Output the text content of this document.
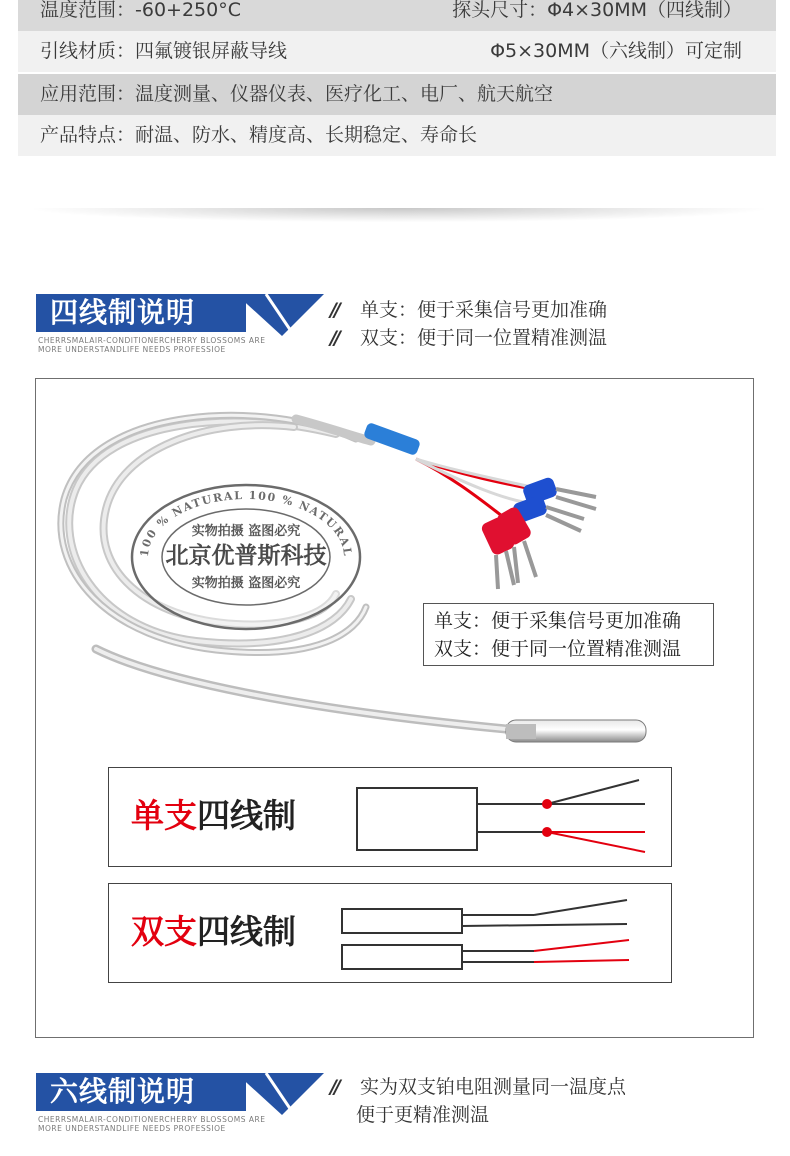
温度范围：-60+250°C	探头尺寸：Φ4×30MM（四线制）
引线材质：四氟镀银屏蔽导线	Φ5×30MM（六线制）可定制
应用范围：温度测量、仪器仪表、医疗化工、电厂、航天航空
产品特点：耐温、防水、精度高、长期稳定、寿命长
四线制说明
CHERRSMALAIR-CONDITIONERCHERRY BLOSSOMS ARE
MORE UNDERSTANDLIFE NEEDS PROFESSIOE
// 单支：便于采集信号更加准确
// 双支：便于同一位置精准测温
100 % NATURAL 100 % NATURAL
实物拍摄 盗图必究
北京优普斯科技
实物拍摄 盗图必究
单支：便于采集信号更加准确
双支：便于同一位置精准测温
单支四线制
双支四线制
六线制说明
CHERRSMALAIR-CONDITIONERCHERRY BLOSSOMS ARE
MORE UNDERSTANDLIFE NEEDS PROFESSIOE
// 实为双支铂电阻测量同一温度点
便于更精准测温
